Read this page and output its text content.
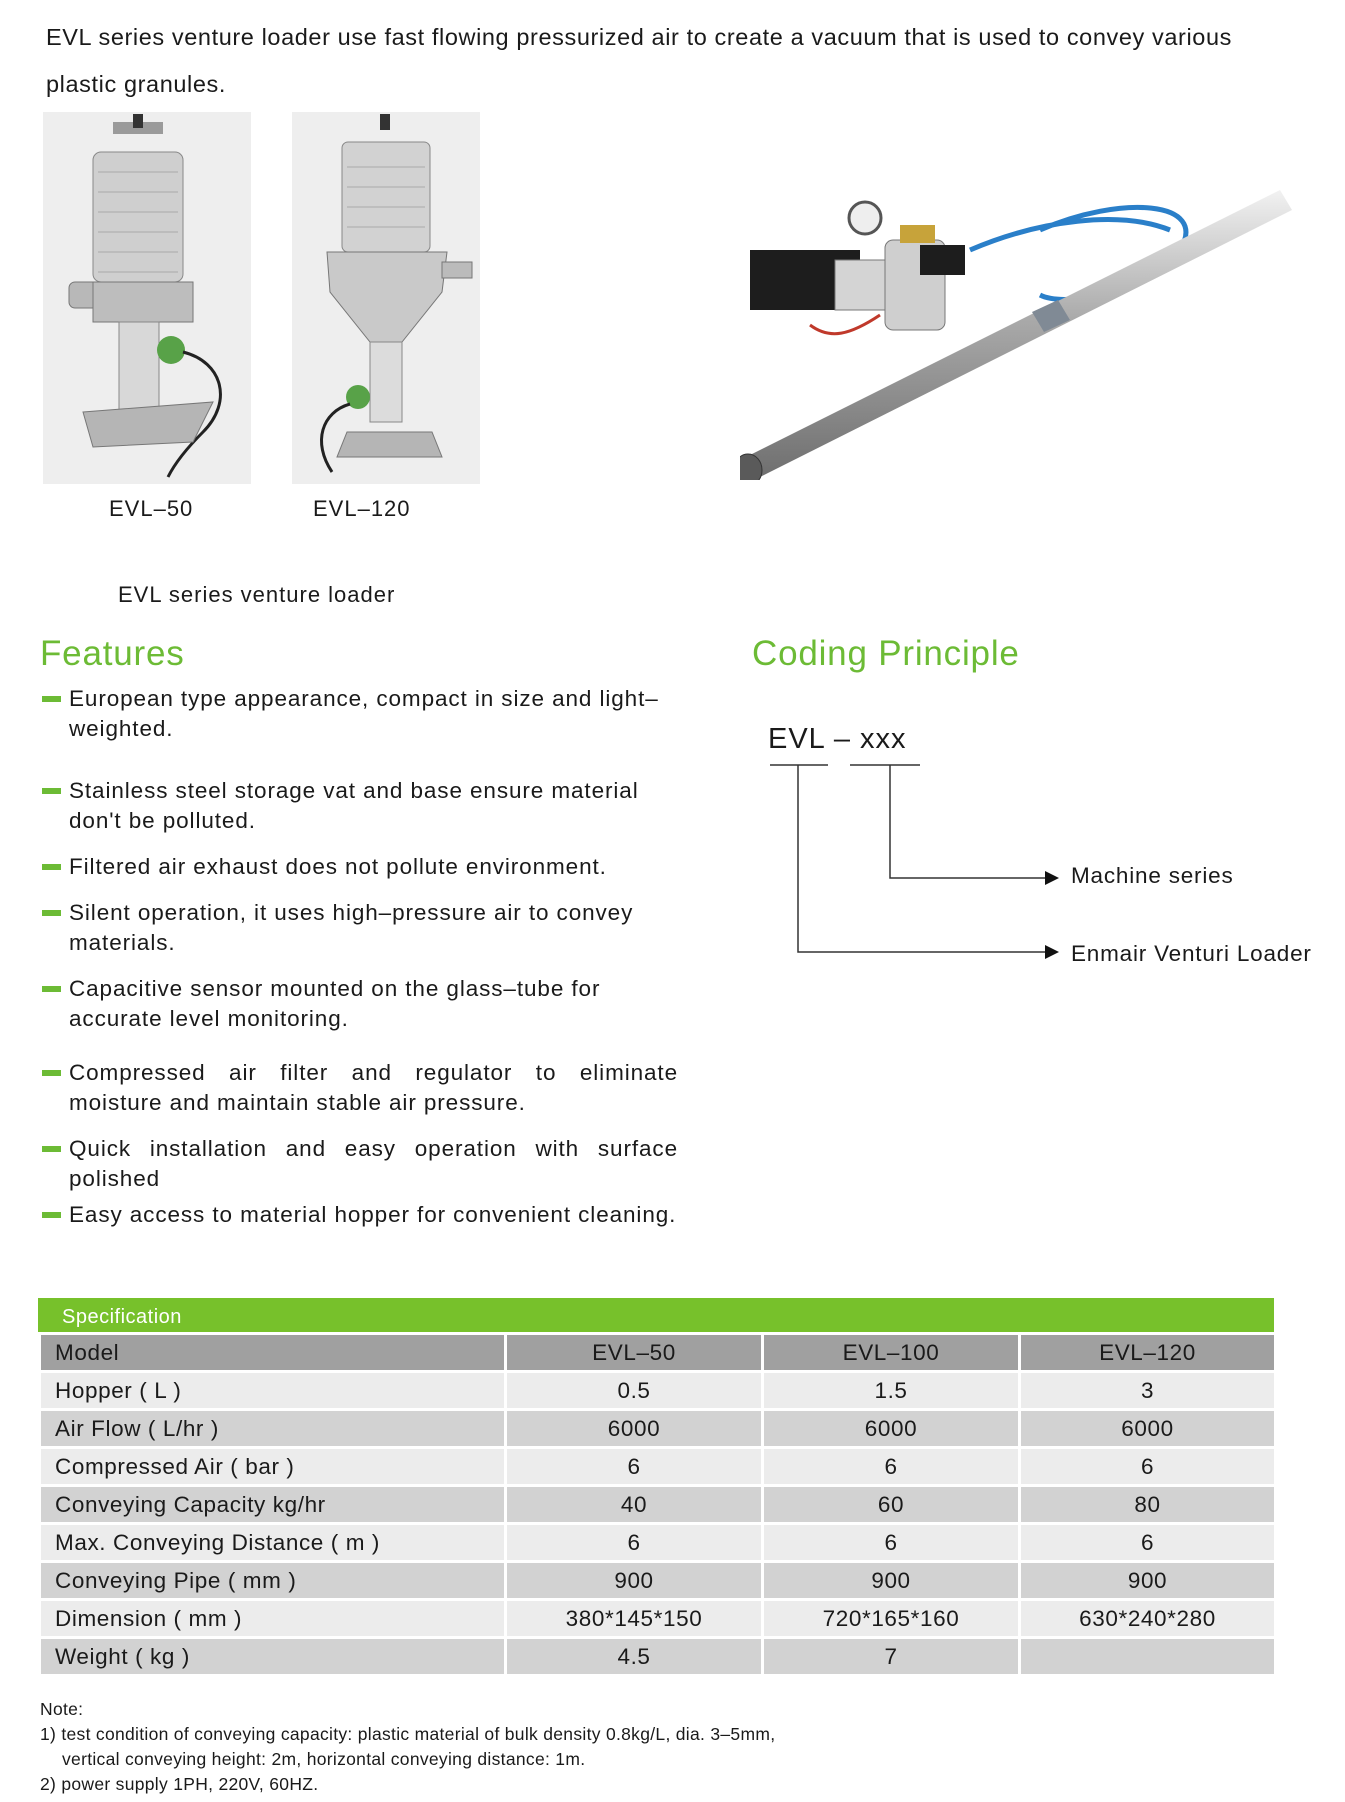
EVL series venture loader use fast flowing pressurized air to create a vacuum that is used to convey various plastic granules.
EVL–50	EVL–120
EVL series venture loader
Features
European type appearance, compact in size and light–weighted.
Stainless steel storage vat and base ensure material don't be polluted.
Filtered air exhaust does not pollute environment.
Silent operation, it uses high–pressure air to convey materials.
Capacitive sensor mounted on the glass–tube for accurate level monitoring.
Compressed air filter and regulator to eliminate moisture and maintain stable air pressure.
Quick installation and easy operation with surface polished
Easy access to material hopper for convenient cleaning.
Coding Principle
EVL – xxx
Machine series
Enmair Venturi Loader
Specification
Model	EVL–50	EVL–100	EVL–120
Hopper ( L )	0.5	1.5	3
Air Flow ( L/hr )	6000	6000	6000
Compressed Air ( bar )	6	6	6
Conveying Capacity kg/hr	40	60	80
Max. Conveying Distance ( m )	6	6	6
Conveying Pipe ( mm )	900	900	900
Dimension ( mm )	380*145*150	720*165*160	630*240*280
Weight ( kg )	4.5	7	
Note:
1) test condition of conveying capacity: plastic material of bulk density 0.8kg/L, dia. 3–5mm,
vertical conveying height: 2m, horizontal conveying distance: 1m.
2) power supply 1PH, 220V, 60HZ.
